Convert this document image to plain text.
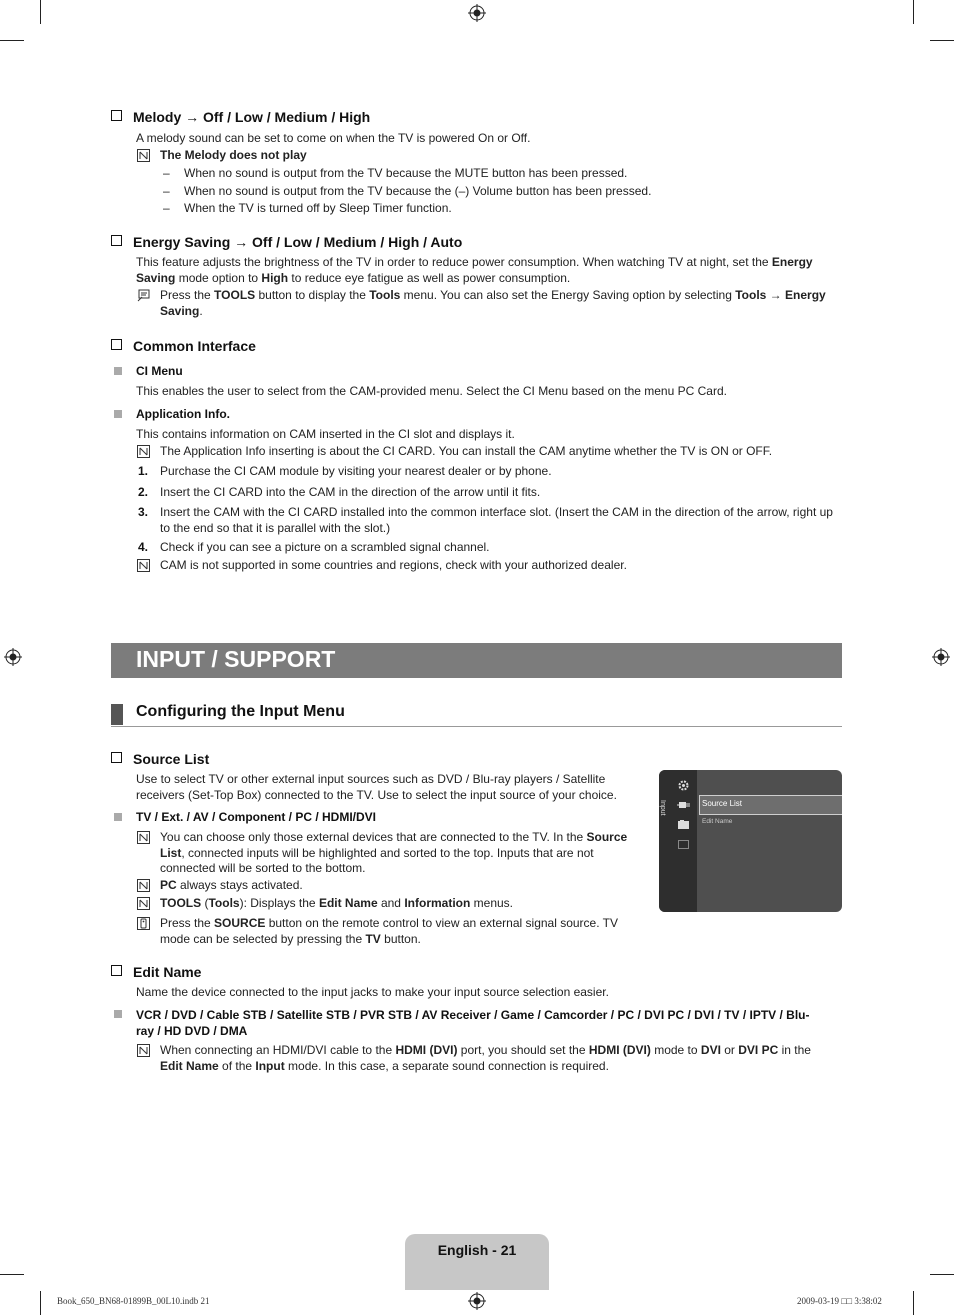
Melody → Off / Low / Medium / High
A melody sound can be set to come on when the TV is powered On or Off.
The Melody does not play
– When no sound is output from the TV because the MUTE button has been pressed.
– When no sound is output from the TV because the (–) Volume button has been pressed.
– When the TV is turned off by Sleep Timer function.
Energy Saving → Off / Low / Medium / High / Auto
This feature adjusts the brightness of the TV in order to reduce power consumption. When watching TV at night, set the Energy
Saving mode option to High to reduce eye fatigue as well as power consumption.
Press the TOOLS button to display the Tools menu. You can also set the Energy Saving option by selecting Tools → Energy
Saving.
Common Interface
CI Menu
This enables the user to select from the CAM-provided menu. Select the CI Menu based on the menu PC Card.
Application Info.
This contains information on CAM inserted in the CI slot and displays it.
The Application Info inserting is about the CI CARD. You can install the CAM anytime whether the TV is ON or OFF.
1. Purchase the CI CAM module by visiting your nearest dealer or by phone.
2. Insert the CI CARD into the CAM in the direction of the arrow until it fits.
3. Insert the CAM with the CI CARD installed into the common interface slot. (Insert the CAM in the direction of the arrow, right up to the end so that it is parallel with the slot.)
4. Check if you can see a picture on a scrambled signal channel.
CAM is not supported in some countries and regions, check with your authorized dealer.
INPUT / SUPPORT
Configuring the Input Menu
Source List
Use to select TV or other external input sources such as DVD / Blu-ray players / Satellite receivers (Set-Top Box) connected to the TV. Use to select the input source of your choice.
TV / Ext. / AV / Component / PC / HDMI/DVI
You can choose only those external devices that are connected to the TV. In the Source
List, connected inputs will be highlighted and sorted to the top. Inputs that are not connected will be sorted to the bottom.
PC always stays activated.
TOOLS (Tools): Displays the Edit Name and Information menus.
Press the SOURCE button on the remote control to view an external signal source. TV mode can be selected by pressing the TV button.
Input	Source List
Edit Name
Edit Name
Name the device connected to the input jacks to make your input source selection easier.
VCR / DVD / Cable STB / Satellite STB / PVR STB / AV Receiver / Game / Camcorder / PC / DVI PC / DVI / TV / IPTV / Blu-ray / HD DVD / DMA
When connecting an HDMI/DVI cable to the HDMI (DVI) port, you should set the HDMI (DVI) mode to DVI or DVI PC in the
Edit Name of the Input mode. In this case, a separate sound connection is required.
English - 21
Book_650_BN68-01899B_00L10.indb 21	2009-03-19 □□ 3:38:02
